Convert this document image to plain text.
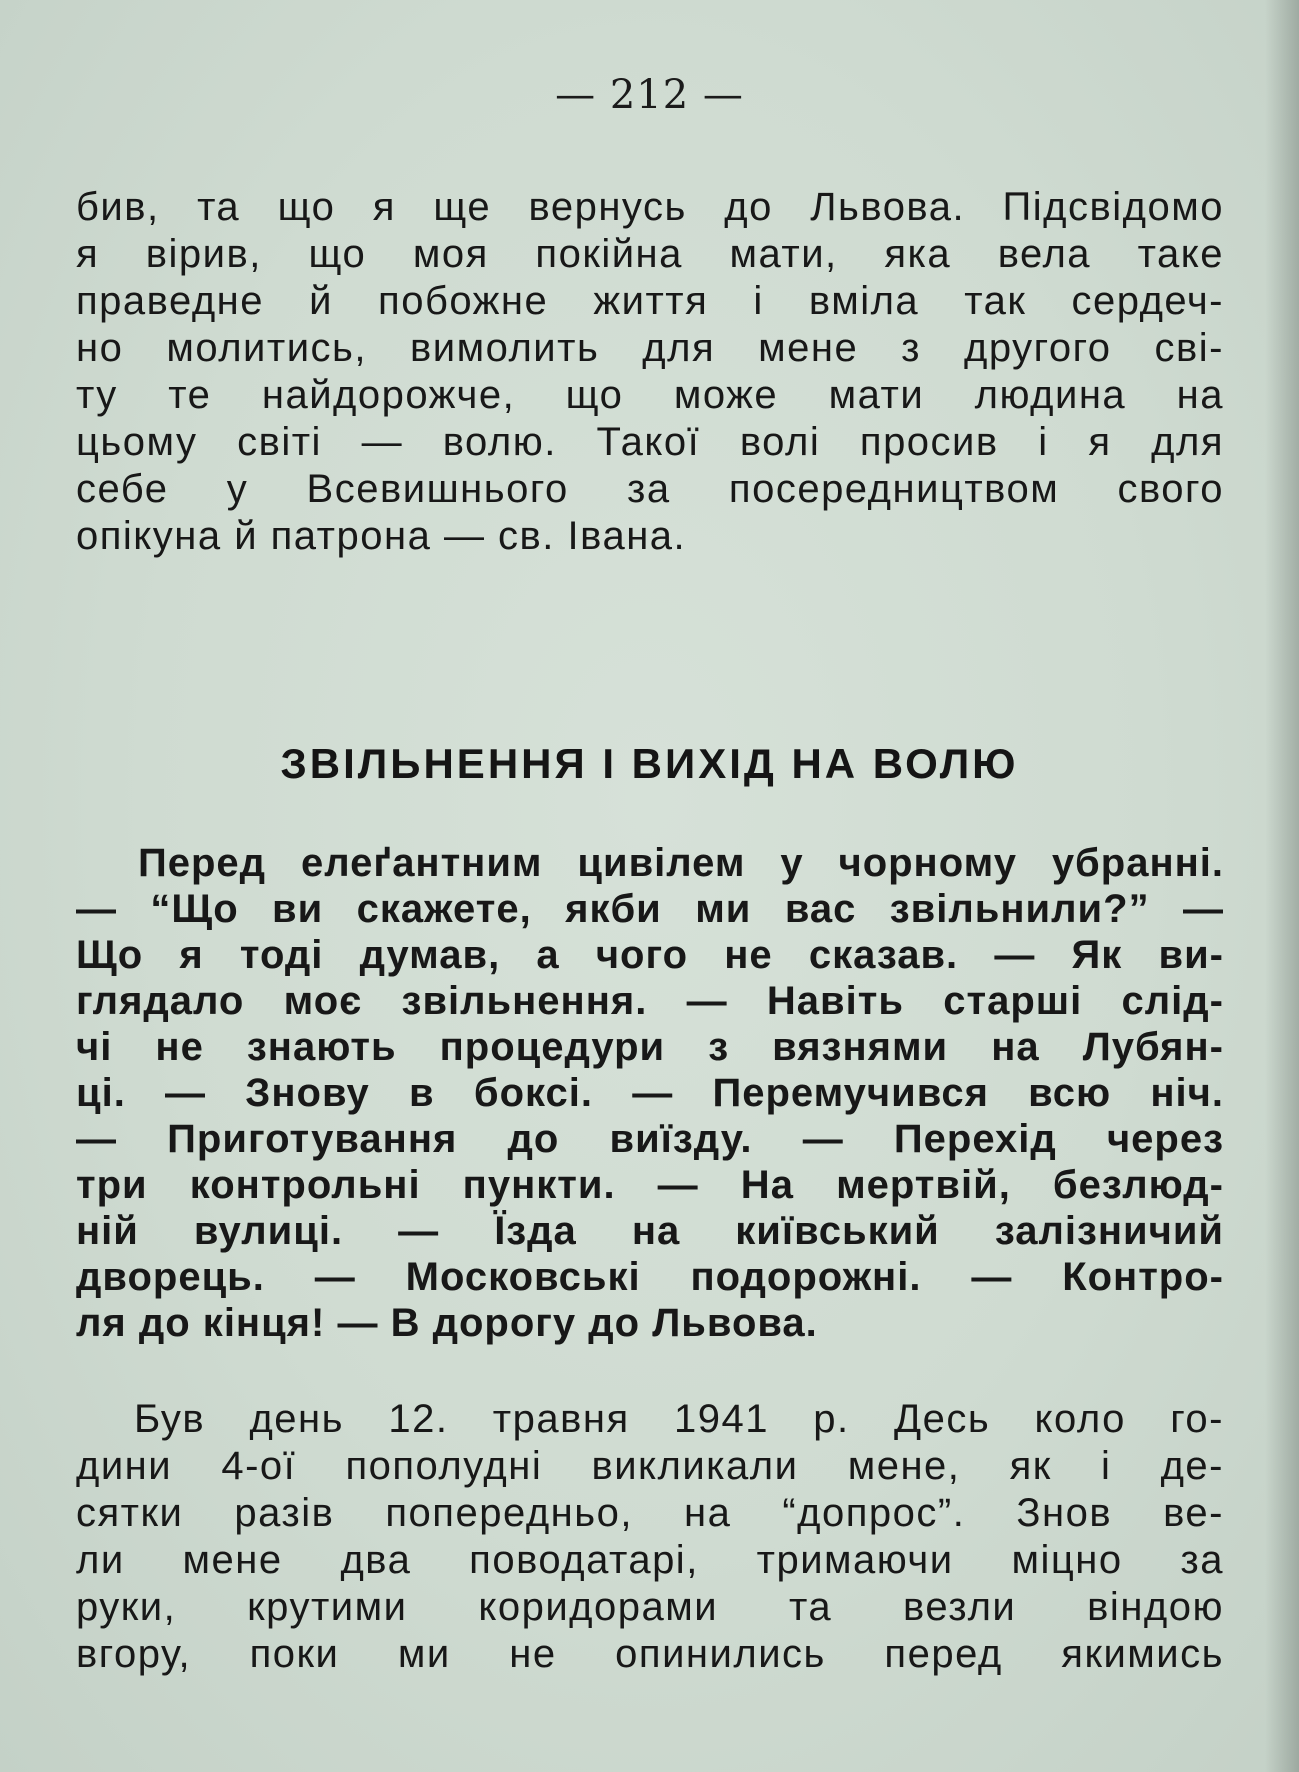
— 212 —
бив, та що я ще вернусь до Львова. Підсвідомо
я вірив, що моя покійна мати, яка вела таке
праведне й побожне життя і вміла так сердеч-
но молитись, вимолить для мене з другого сві-
ту те найдорожче, що може мати людина на
цьому світі — волю. Такої волі просив і я для
себе у Всевишнього за посередництвом свого
опікуна й патрона — св. Івана.
ЗВІЛЬНЕННЯ І ВИХІД НА ВОЛЮ
Перед елеґантним цивілем у чорному убранні.
— “Що ви скажете, якби ми вас звільнили?” —
Що я тоді думав, а чого не сказав. — Як ви-
глядало моє звільнення. — Навіть старші слід-
чі не знають процедури з вязнями на Лубян-
ці. — Знову в боксі. — Перемучився всю ніч.
— Приготування до виїзду. — Перехід через
три контрольні пункти. — На мертвій, безлюд-
ній вулиці. — Їзда на київський залізничий
дворець. — Московські подорожні. — Контро-
ля до кінця! — В дорогу до Львова.
Був день 12. травня 1941 р. Десь коло го-
дини 4-ої пополудні викликали мене, як і де-
сятки разів попередньо, на “допрос”. Знов ве-
ли мене два поводатарі, тримаючи міцно за
руки, крутими коридорами та везли віндою
вгору, поки ми не опинились перед якимись
